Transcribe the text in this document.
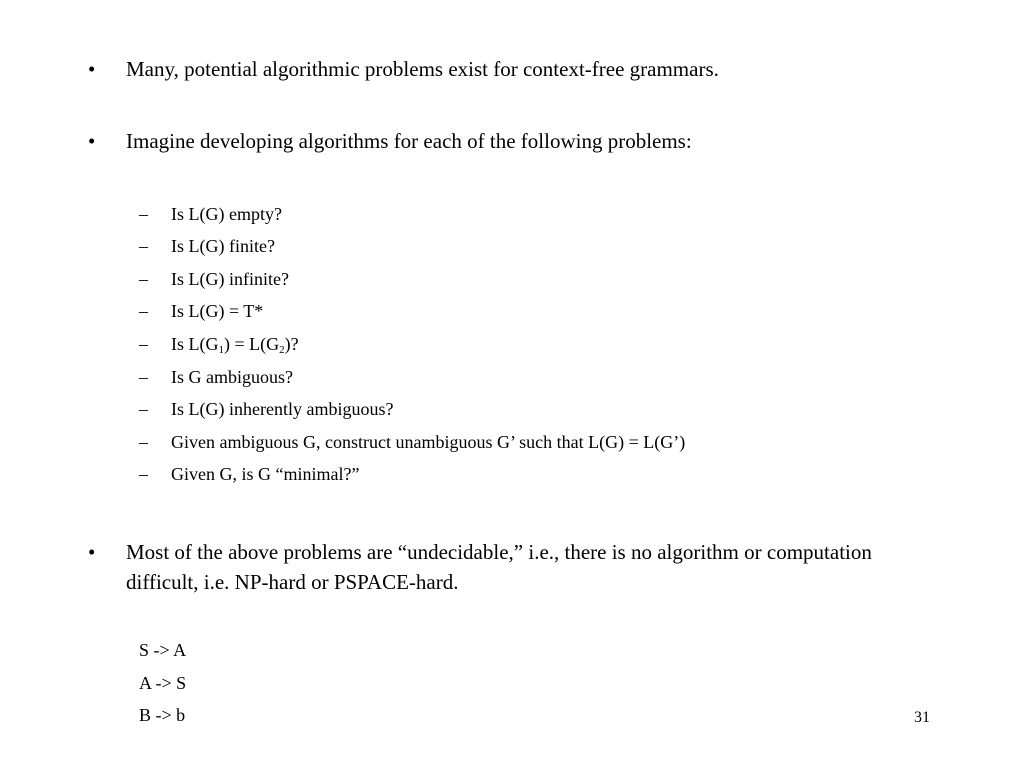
• Many, potential algorithmic problems exist for context-free grammars.
• Imagine developing algorithms for each of the following problems:
– Is L(G) empty?
– Is L(G) finite?
– Is L(G) infinite?
– Is L(G) = T*
– Is $L(G_1) = L(G_2)$?
– Is G ambiguous?
– Is L(G) inherently ambiguous?
– Given ambiguous G, construct unambiguous G’ such that L(G) = L(G’)
– Given G, is G “minimal?”
• Most of the above problems are “undecidable,” i.e., there is no algorithm or computation difficult, i.e. NP-hard or PSPACE-hard.
S -> A
A -> S
B -> b	31
